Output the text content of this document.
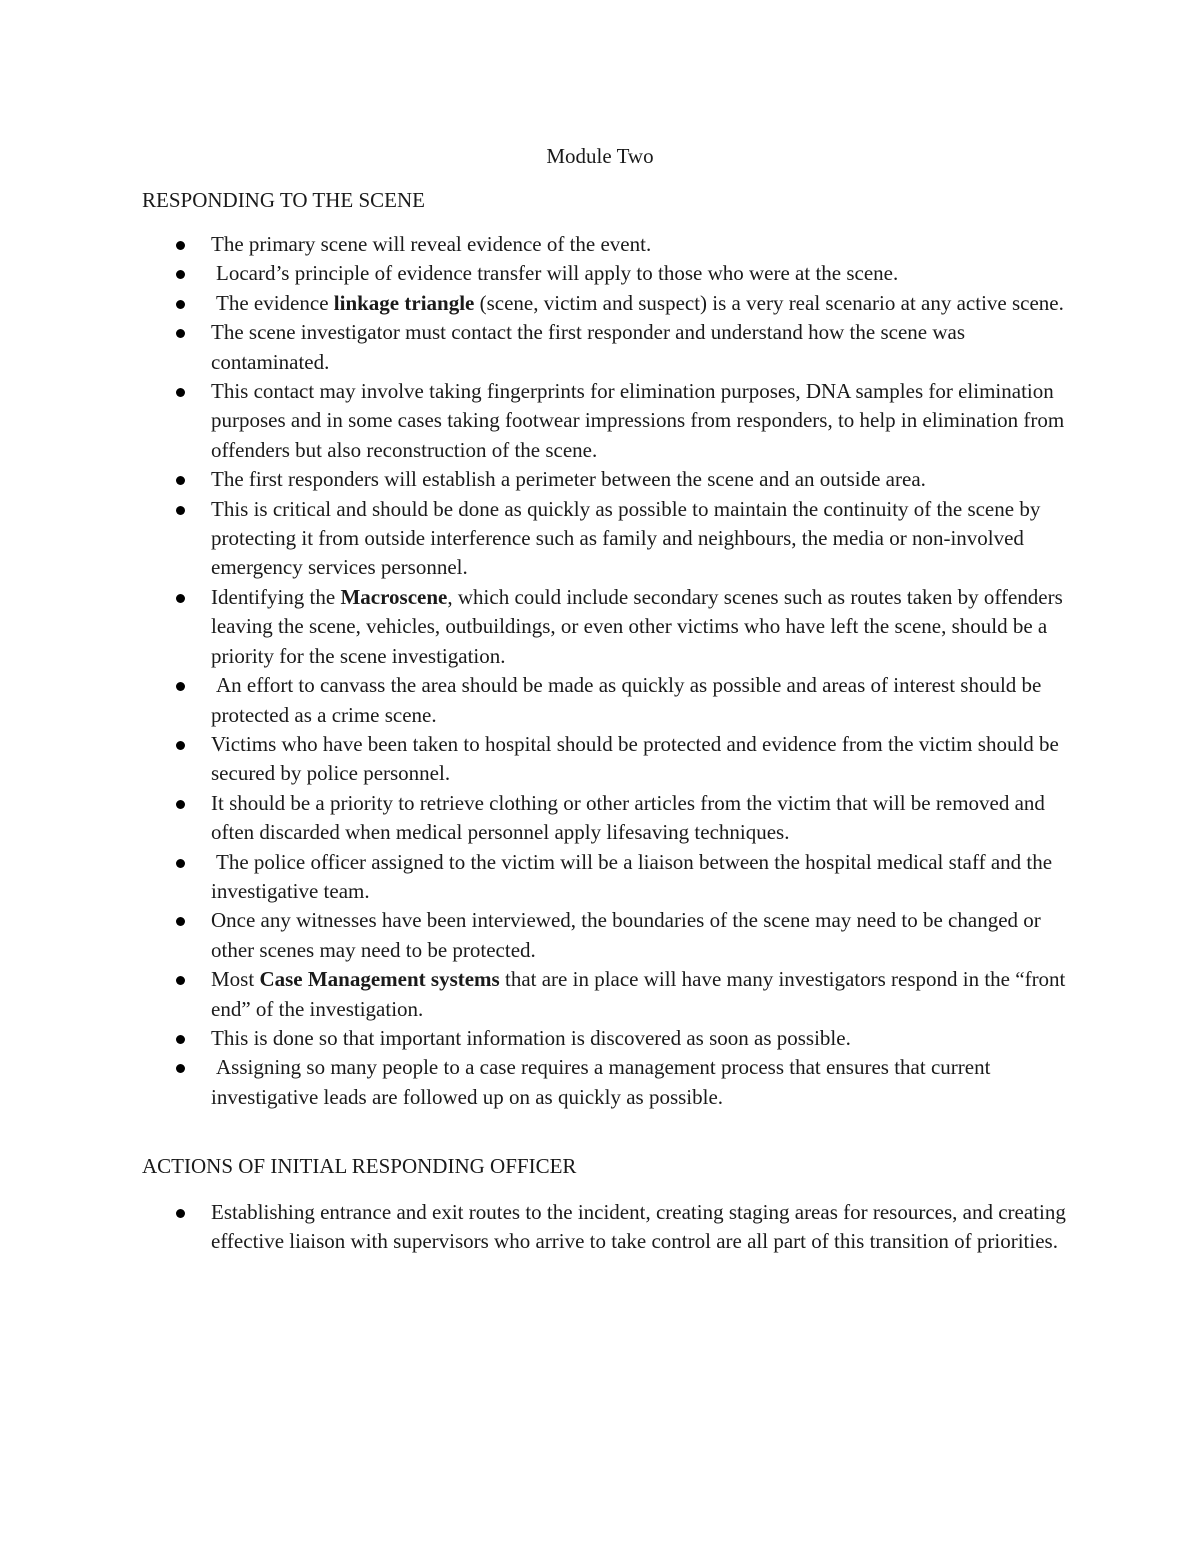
Module Two
RESPONDING TO THE SCENE
The primary scene will reveal evidence of the event.
Locard’s principle of evidence transfer will apply to those who were at the scene.
The evidence linkage triangle (scene, victim and suspect) is a very real scenario at any active scene.
The scene investigator must contact the first responder and understand how the scene was contaminated.
This contact may involve taking fingerprints for elimination purposes, DNA samples for elimination purposes and in some cases taking footwear impressions from responders, to help in elimination from offenders but also reconstruction of the scene.
The first responders will establish a perimeter between the scene and an outside area.
This is critical and should be done as quickly as possible to maintain the continuity of the scene by protecting it from outside interference such as family and neighbours, the media or non-involved emergency services personnel.
Identifying the Macroscene, which could include secondary scenes such as routes taken by offenders leaving the scene, vehicles, outbuildings, or even other victims who have left the scene, should be a priority for the scene investigation.
An effort to canvass the area should be made as quickly as possible and areas of interest should be protected as a crime scene.
Victims who have been taken to hospital should be protected and evidence from the victim should be secured by police personnel.
It should be a priority to retrieve clothing or other articles from the victim that will be removed and often discarded when medical personnel apply lifesaving techniques.
The police officer assigned to the victim will be a liaison between the hospital medical staff and the investigative team.
Once any witnesses have been interviewed, the boundaries of the scene may need to be changed or other scenes may need to be protected.
Most Case Management systems that are in place will have many investigators respond in the “front end” of the investigation.
This is done so that important information is discovered as soon as possible.
Assigning so many people to a case requires a management process that ensures that current investigative leads are followed up on as quickly as possible.
ACTIONS OF INITIAL RESPONDING OFFICER
Establishing entrance and exit routes to the incident, creating staging areas for resources, and creating effective liaison with supervisors who arrive to take control are all part of this transition of priorities.
